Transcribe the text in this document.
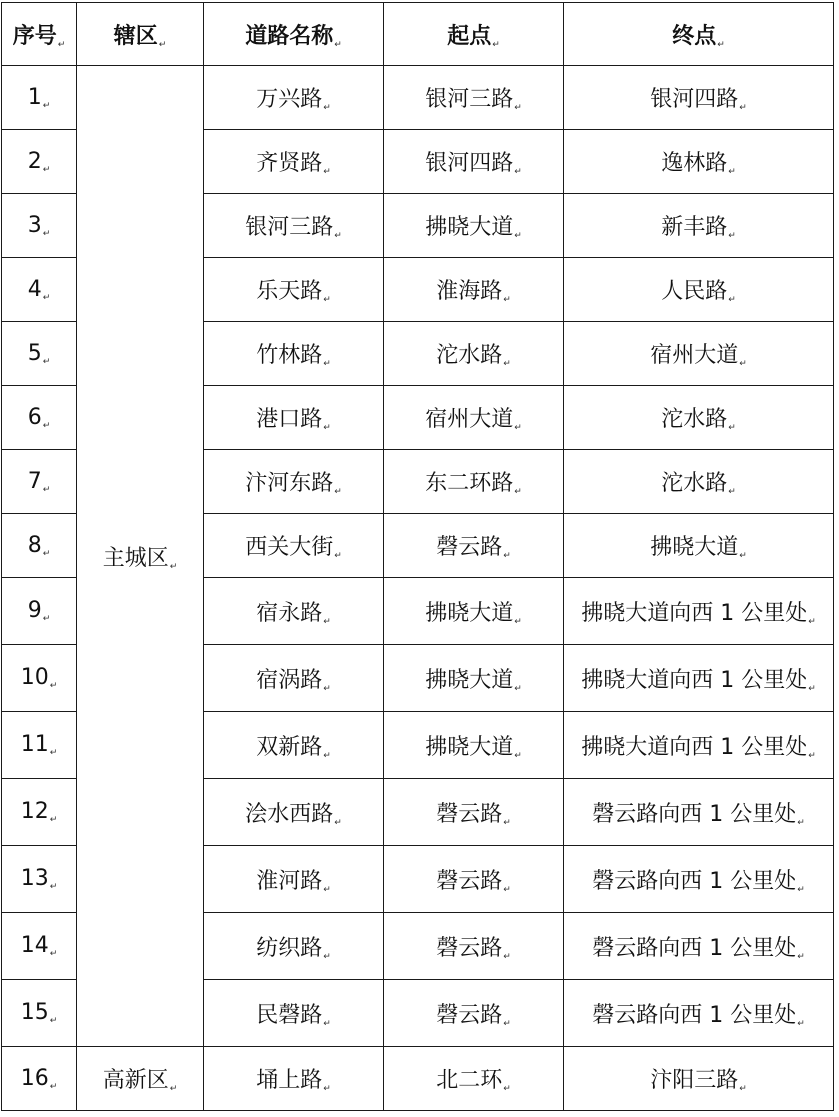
序号 ↵	辖区 ↵	道路名称 ↵	起点 ↵	终点 ↵
1 ↵	主城区 ↵	万兴路 ↵	银河三路 ↵	银河四路 ↵
2 ↵		齐贤路 ↵	银河四路 ↵	逸林路 ↵
3 ↵		银河三路 ↵	拂晓大道 ↵	新丰路 ↵
4 ↵		乐天路 ↵	淮海路 ↵	人民路 ↵
5 ↵		竹林路 ↵	沱水路 ↵	宿州大道 ↵
6 ↵		港口路 ↵	宿州大道 ↵	沱水路 ↵
7 ↵		汴河东路 ↵	东二环路 ↵	沱水路 ↵
8 ↵		西关大街 ↵	磬云路 ↵	拂晓大道 ↵
9 ↵		宿永路 ↵	拂晓大道 ↵	拂晓大道向西 1 公里处 ↵
10 ↵		宿涡路 ↵	拂晓大道 ↵	拂晓大道向西 1 公里处 ↵
11 ↵		双新路 ↵	拂晓大道 ↵	拂晓大道向西 1 公里处 ↵
12 ↵		浍水西路 ↵	磬云路 ↵	磬云路向西 1 公里处 ↵
13 ↵		淮河路 ↵	磬云路 ↵	磬云路向西 1 公里处 ↵
14 ↵		纺织路 ↵	磬云路 ↵	磬云路向西 1 公里处 ↵
15 ↵		民磬路 ↵	磬云路 ↵	磬云路向西 1 公里处 ↵
16 ↵	高新区 ↵	埇上路 ↵	北二环 ↵	汴阳三路 ↵
